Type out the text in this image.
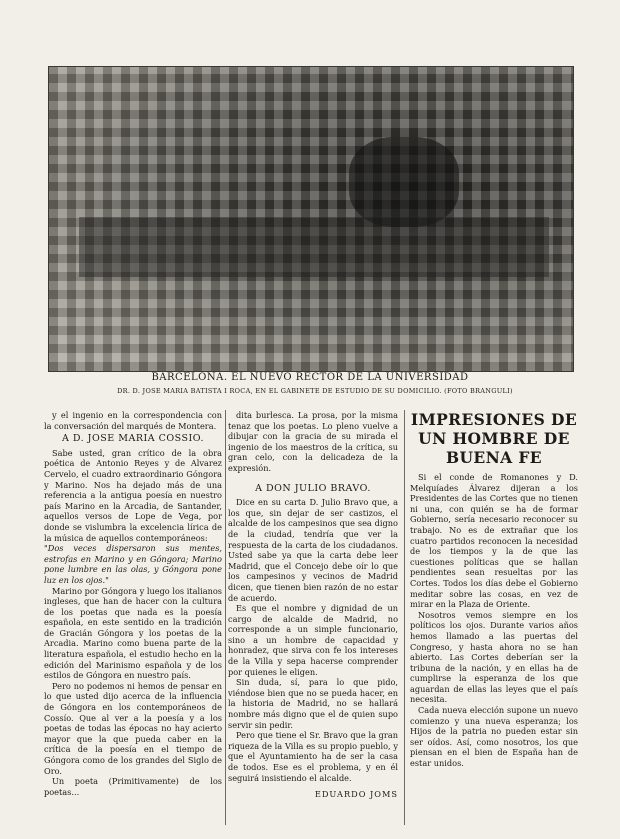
BARCELONA. EL NUEVO RECTOR DE LA UNIVERSIDAD
DR. D. JOSE MARIA BATISTA I ROCA, EN EL GABINETE DE ESTUDIO DE SU DOMICILIO. (FOTO BRANGULI)

y el ingenio en la correspondencia con la conversación del marqués de Montera.

A D. JOSE MARIA COSSIO.

Sabe usted, gran crítico de la obra poética de Antonio Reyes y de Alvarez Cervelo, el cuadro extraordinario Góngora y Marino. Nos ha dejado más de una referencia a la antigua poesía en nuestro país Marino en la Arcadia, de Santander, aquellos versos de Lope de Vega, por donde se vislumbra la excelencia lírica de la música de aquellos contemporáneos:

"Dos veces dispersaron sus mentes, estrofas en Marino y en Góngora; Marino pone lumbre en las olas, y Góngora pone luz en los ojos."

Marino por Góngora y luego los italianos ingleses, que han de hacer con la cultura de los poetas que nada es la poesía española, en este sentido en la tradición de Gracián Góngora y los poetas de la Arcadia. Marino como buena parte de la literatura española, el estudio hecho en la edición del Marinismo española y de los estilos de Góngora en nuestro país.

Pero no podemos ni hemos de pensar en lo que usted dijo acerca de la influencia de Góngora en los contemporáneos de Cossío. Que al ver a la poesía y a los poetas de todas las épocas no hay acierto mayor que la que pueda caber en la crítica de la poesía en el tiempo de Góngora como de los grandes del Siglo de Oro.

Un poeta (Primitivamente) de los poetas...

dita burlesca. La prosa, por la misma tenaz que los poetas. Lo pleno vuelve a dibujar con la gracia de su mirada el ingenio de los maestros de la crítica, su gran celo, con la delicadeza de la expresión.

A DON JULIO BRAVO.

Dice en su carta D. Julio Bravo que, a los que, sin dejar de ser castizos, el alcalde de los campesinos que sea digno de la ciudad, tendría que ver la respuesta de la carta de los ciudadanos. Usted sabe ya que la carta debe leer Madrid, que el Concejo debe oír lo que los campesinos y vecinos de Madrid dicen, que tienen bien razón de no estar de acuerdo.

Es que el nombre y dignidad de un cargo de alcalde de Madrid, no corresponde a un simple funcionario, sino a un hombre de capacidad y honradez, que sirva con fe los intereses de la Villa y sepa hacerse comprender por quienes le eligen.

Sin duda, sí, para lo que pido, viéndose bien que no se pueda hacer, en la historia de Madrid, no se hallará nombre más digno que el de quien supo servir sin pedir.

Pero que tiene el Sr. Bravo que la gran riqueza de la Villa es su propio pueblo, y que el Ayuntamiento ha de ser la casa de todos. Ese es el problema, y en él seguirá insistiendo el alcalde.

EDUARDO JOMS
IMPRESIONES DE UN HOMBRE DE BUENA FE

Si el conde de Romanones y D. Melquíades Álvarez dijeran a los Presidentes de las Cortes que no tienen ni una, con quién se ha de formar Gobierno, sería necesario reconocer su trabajo. No es de extrañar que los cuatro partidos reconocen la necesidad de los tiempos y la de que las cuestiones políticas que se hallan pendientes sean resueltas por las Cortes. Todos los días debe el Gobierno meditar sobre las cosas, en vez de mirar en la Plaza de Oriente.

Nosotros vemos siempre en los políticos los ojos. Durante varios años hemos llamado a las puertas del Congreso, y hasta ahora no se han abierto. Las Cortes deberían ser la tribuna de la nación, y en ellas ha de cumplirse la esperanza de los que aguardan de ellas las leyes que el país necesita.

Cada nueva elección supone un nuevo comienzo y una nueva esperanza; los Hijos de la patria no pueden estar sin ser oídos. Así, como nosotros, los que piensan en el bien de España han de estar unidos.
